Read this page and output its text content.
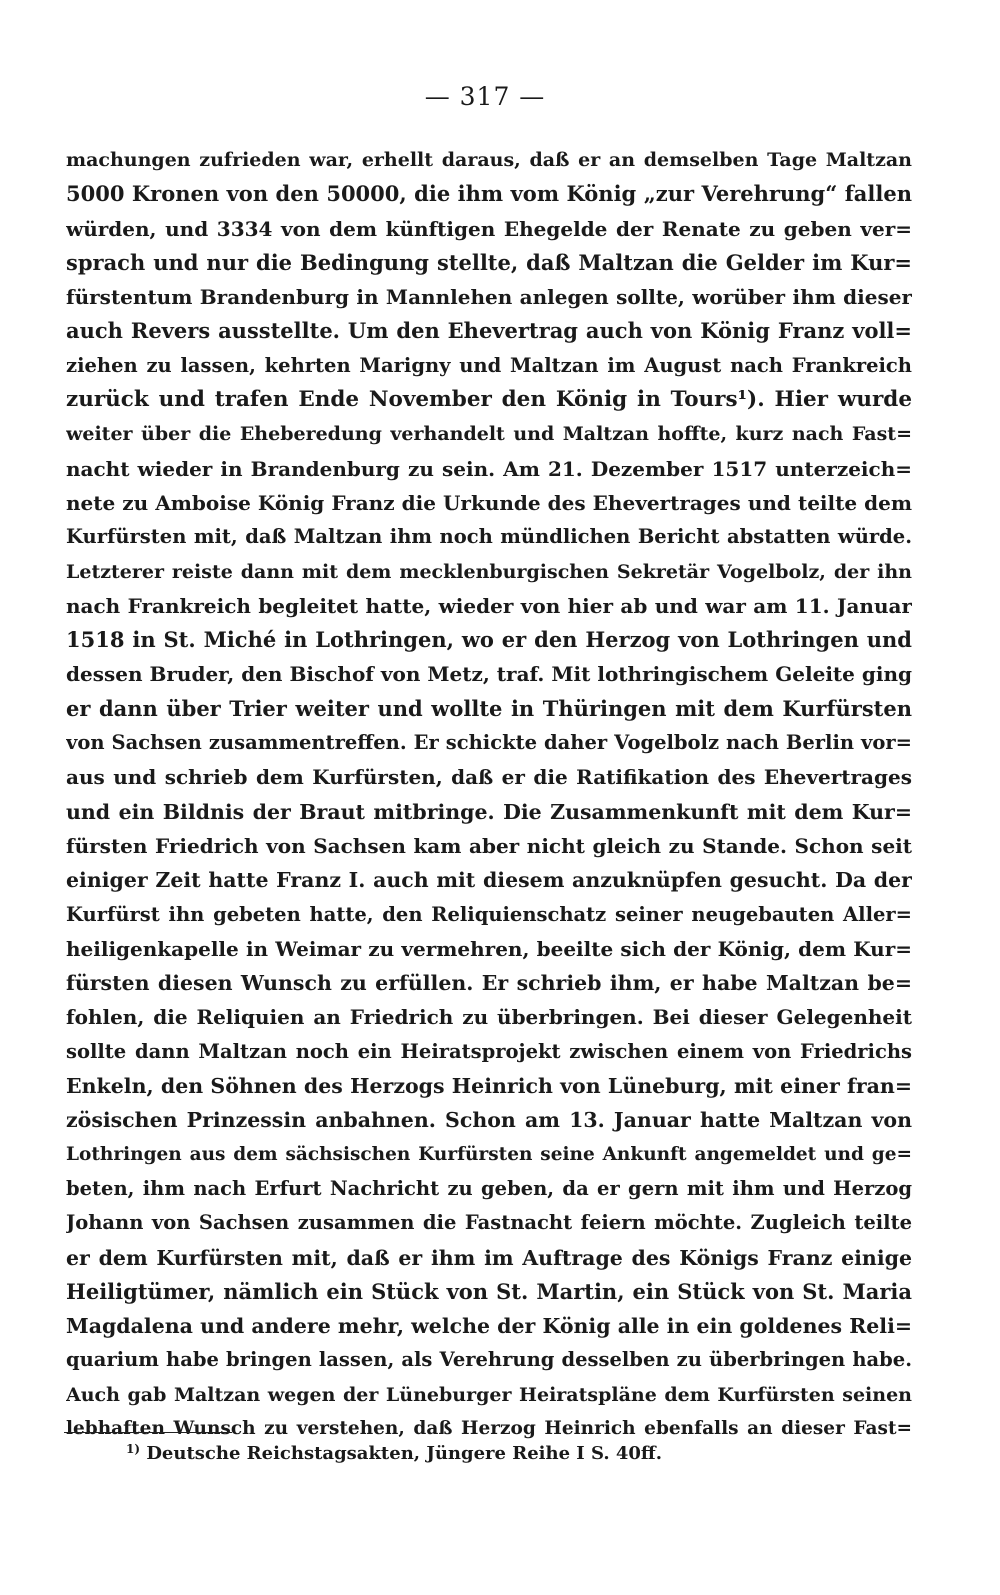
— 317 —
machungen zufrieden war, erhellt daraus, daß er an demselben Tage Maltzan
5000 Kronen von den 50000, die ihm vom König „zur Verehrung“ fallen
würden, und 3334 von dem künftigen Ehegelde der Renate zu geben ver=
sprach und nur die Bedingung stellte, daß Maltzan die Gelder im Kur=
fürstentum Brandenburg in Mannlehen anlegen sollte, worüber ihm dieser
auch Revers ausstellte. Um den Ehevertrag auch von König Franz voll=
ziehen zu lassen, kehrten Marigny und Maltzan im August nach Frankreich
zurück und trafen Ende November den König in Tours¹). Hier wurde
weiter über die Eheberedung verhandelt und Maltzan hoffte, kurz nach Fast=
nacht wieder in Brandenburg zu sein. Am 21. Dezember 1517 unterzeich=
nete zu Amboise König Franz die Urkunde des Ehevertrages und teilte dem
Kurfürsten mit, daß Maltzan ihm noch mündlichen Bericht abstatten würde.
Letzterer reiste dann mit dem mecklenburgischen Sekretär Vogelbolz, der ihn
nach Frankreich begleitet hatte, wieder von hier ab und war am 11. Januar
1518 in St. Miché in Lothringen, wo er den Herzog von Lothringen und
dessen Bruder, den Bischof von Metz, traf. Mit lothringischem Geleite ging
er dann über Trier weiter und wollte in Thüringen mit dem Kurfürsten
von Sachsen zusammentreffen. Er schickte daher Vogelbolz nach Berlin vor=
aus und schrieb dem Kurfürsten, daß er die Ratifikation des Ehevertrages
und ein Bildnis der Braut mitbringe. Die Zusammenkunft mit dem Kur=
fürsten Friedrich von Sachsen kam aber nicht gleich zu Stande. Schon seit
einiger Zeit hatte Franz I. auch mit diesem anzuknüpfen gesucht. Da der
Kurfürst ihn gebeten hatte, den Reliquienschatz seiner neugebauten Aller=
heiligenkapelle in Weimar zu vermehren, beeilte sich der König, dem Kur=
fürsten diesen Wunsch zu erfüllen. Er schrieb ihm, er habe Maltzan be=
fohlen, die Reliquien an Friedrich zu überbringen. Bei dieser Gelegenheit
sollte dann Maltzan noch ein Heiratsprojekt zwischen einem von Friedrichs
Enkeln, den Söhnen des Herzogs Heinrich von Lüneburg, mit einer fran=
zösischen Prinzessin anbahnen. Schon am 13. Januar hatte Maltzan von
Lothringen aus dem sächsischen Kurfürsten seine Ankunft angemeldet und ge=
beten, ihm nach Erfurt Nachricht zu geben, da er gern mit ihm und Herzog
Johann von Sachsen zusammen die Fastnacht feiern möchte. Zugleich teilte
er dem Kurfürsten mit, daß er ihm im Auftrage des Königs Franz einige
Heiligtümer, nämlich ein Stück von St. Martin, ein Stück von St. Maria
Magdalena und andere mehr, welche der König alle in ein goldenes Reli=
quarium habe bringen lassen, als Verehrung desselben zu überbringen habe.
Auch gab Maltzan wegen der Lüneburger Heiratspläne dem Kurfürsten seinen
lebhaften Wunsch zu verstehen, daß Herzog Heinrich ebenfalls an dieser Fast=
$^{1)}$ Deutsche Reichstagsakten, Jüngere Reihe I S. 40ff.
